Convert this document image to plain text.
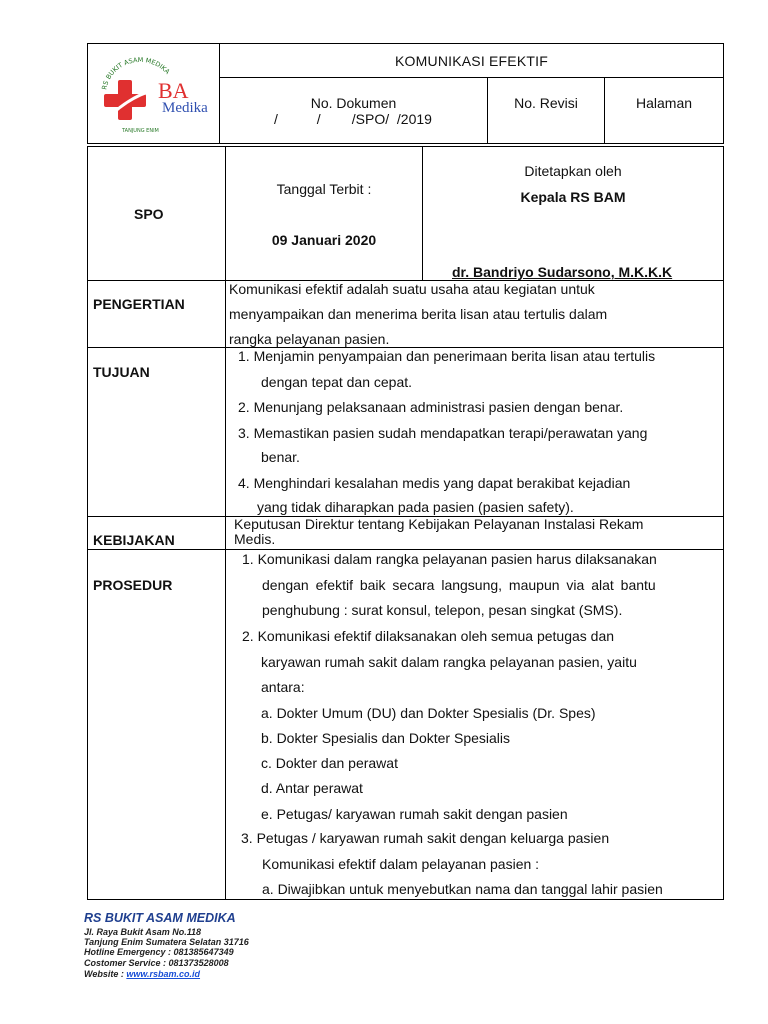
RS BUKIT ASAM MEDIKA
BA
Medika
TANJUNG ENIM
KOMUNIKASI EFEKTIF
No. Dokumen
/          /        /SPO/  /2019
No. Revisi	Halaman
SPO
Tanggal Terbit :
09 Januari 2020
Ditetapkan oleh
Kepala RS BAM
dr. Bandriyo Sudarsono, M.K.K.K
PENGERTIAN
Komunikasi efektif adalah suatu usaha atau kegiatan untuk
menyampaikan dan menerima berita lisan atau tertulis dalam
rangka pelayanan pasien.
TUJUAN
1. Menjamin penyampaian dan penerimaan berita lisan atau tertulis
dengan tepat dan cepat.
2. Menunjang pelaksanaan administrasi pasien dengan benar.
3. Memastikan pasien sudah mendapatkan terapi/perawatan yang
benar.
4. Menghindari kesalahan medis yang dapat berakibat kejadian
yang tidak diharapkan pada pasien (pasien safety).
KEBIJAKAN
Keputusan Direktur tentang Kebijakan Pelayanan Instalasi Rekam
Medis.
PROSEDUR
1. Komunikasi dalam rangka pelayanan pasien harus dilaksanakan
dengan efektif baik secara langsung, maupun via alat bantu
penghubung : surat konsul, telepon, pesan singkat (SMS).
2. Komunikasi efektif dilaksanakan oleh semua petugas dan
karyawan rumah sakit dalam rangka pelayanan pasien, yaitu
antara:
a. Dokter Umum (DU) dan Dokter Spesialis (Dr. Spes)
b. Dokter Spesialis dan Dokter Spesialis
c. Dokter dan perawat
d. Antar perawat
e. Petugas/ karyawan rumah sakit dengan pasien
3. Petugas / karyawan rumah sakit dengan keluarga pasien
Komunikasi efektif dalam pelayanan pasien :
a. Diwajibkan untuk menyebutkan nama dan tanggal lahir pasien
RS BUKIT ASAM MEDIKA
Jl. Raya Bukit Asam No.118
Tanjung Enim Sumatera Selatan 31716
Hotline Emergency : 081385647349
Costomer Service : 081373528008
Website : www.rsbam.co.id
